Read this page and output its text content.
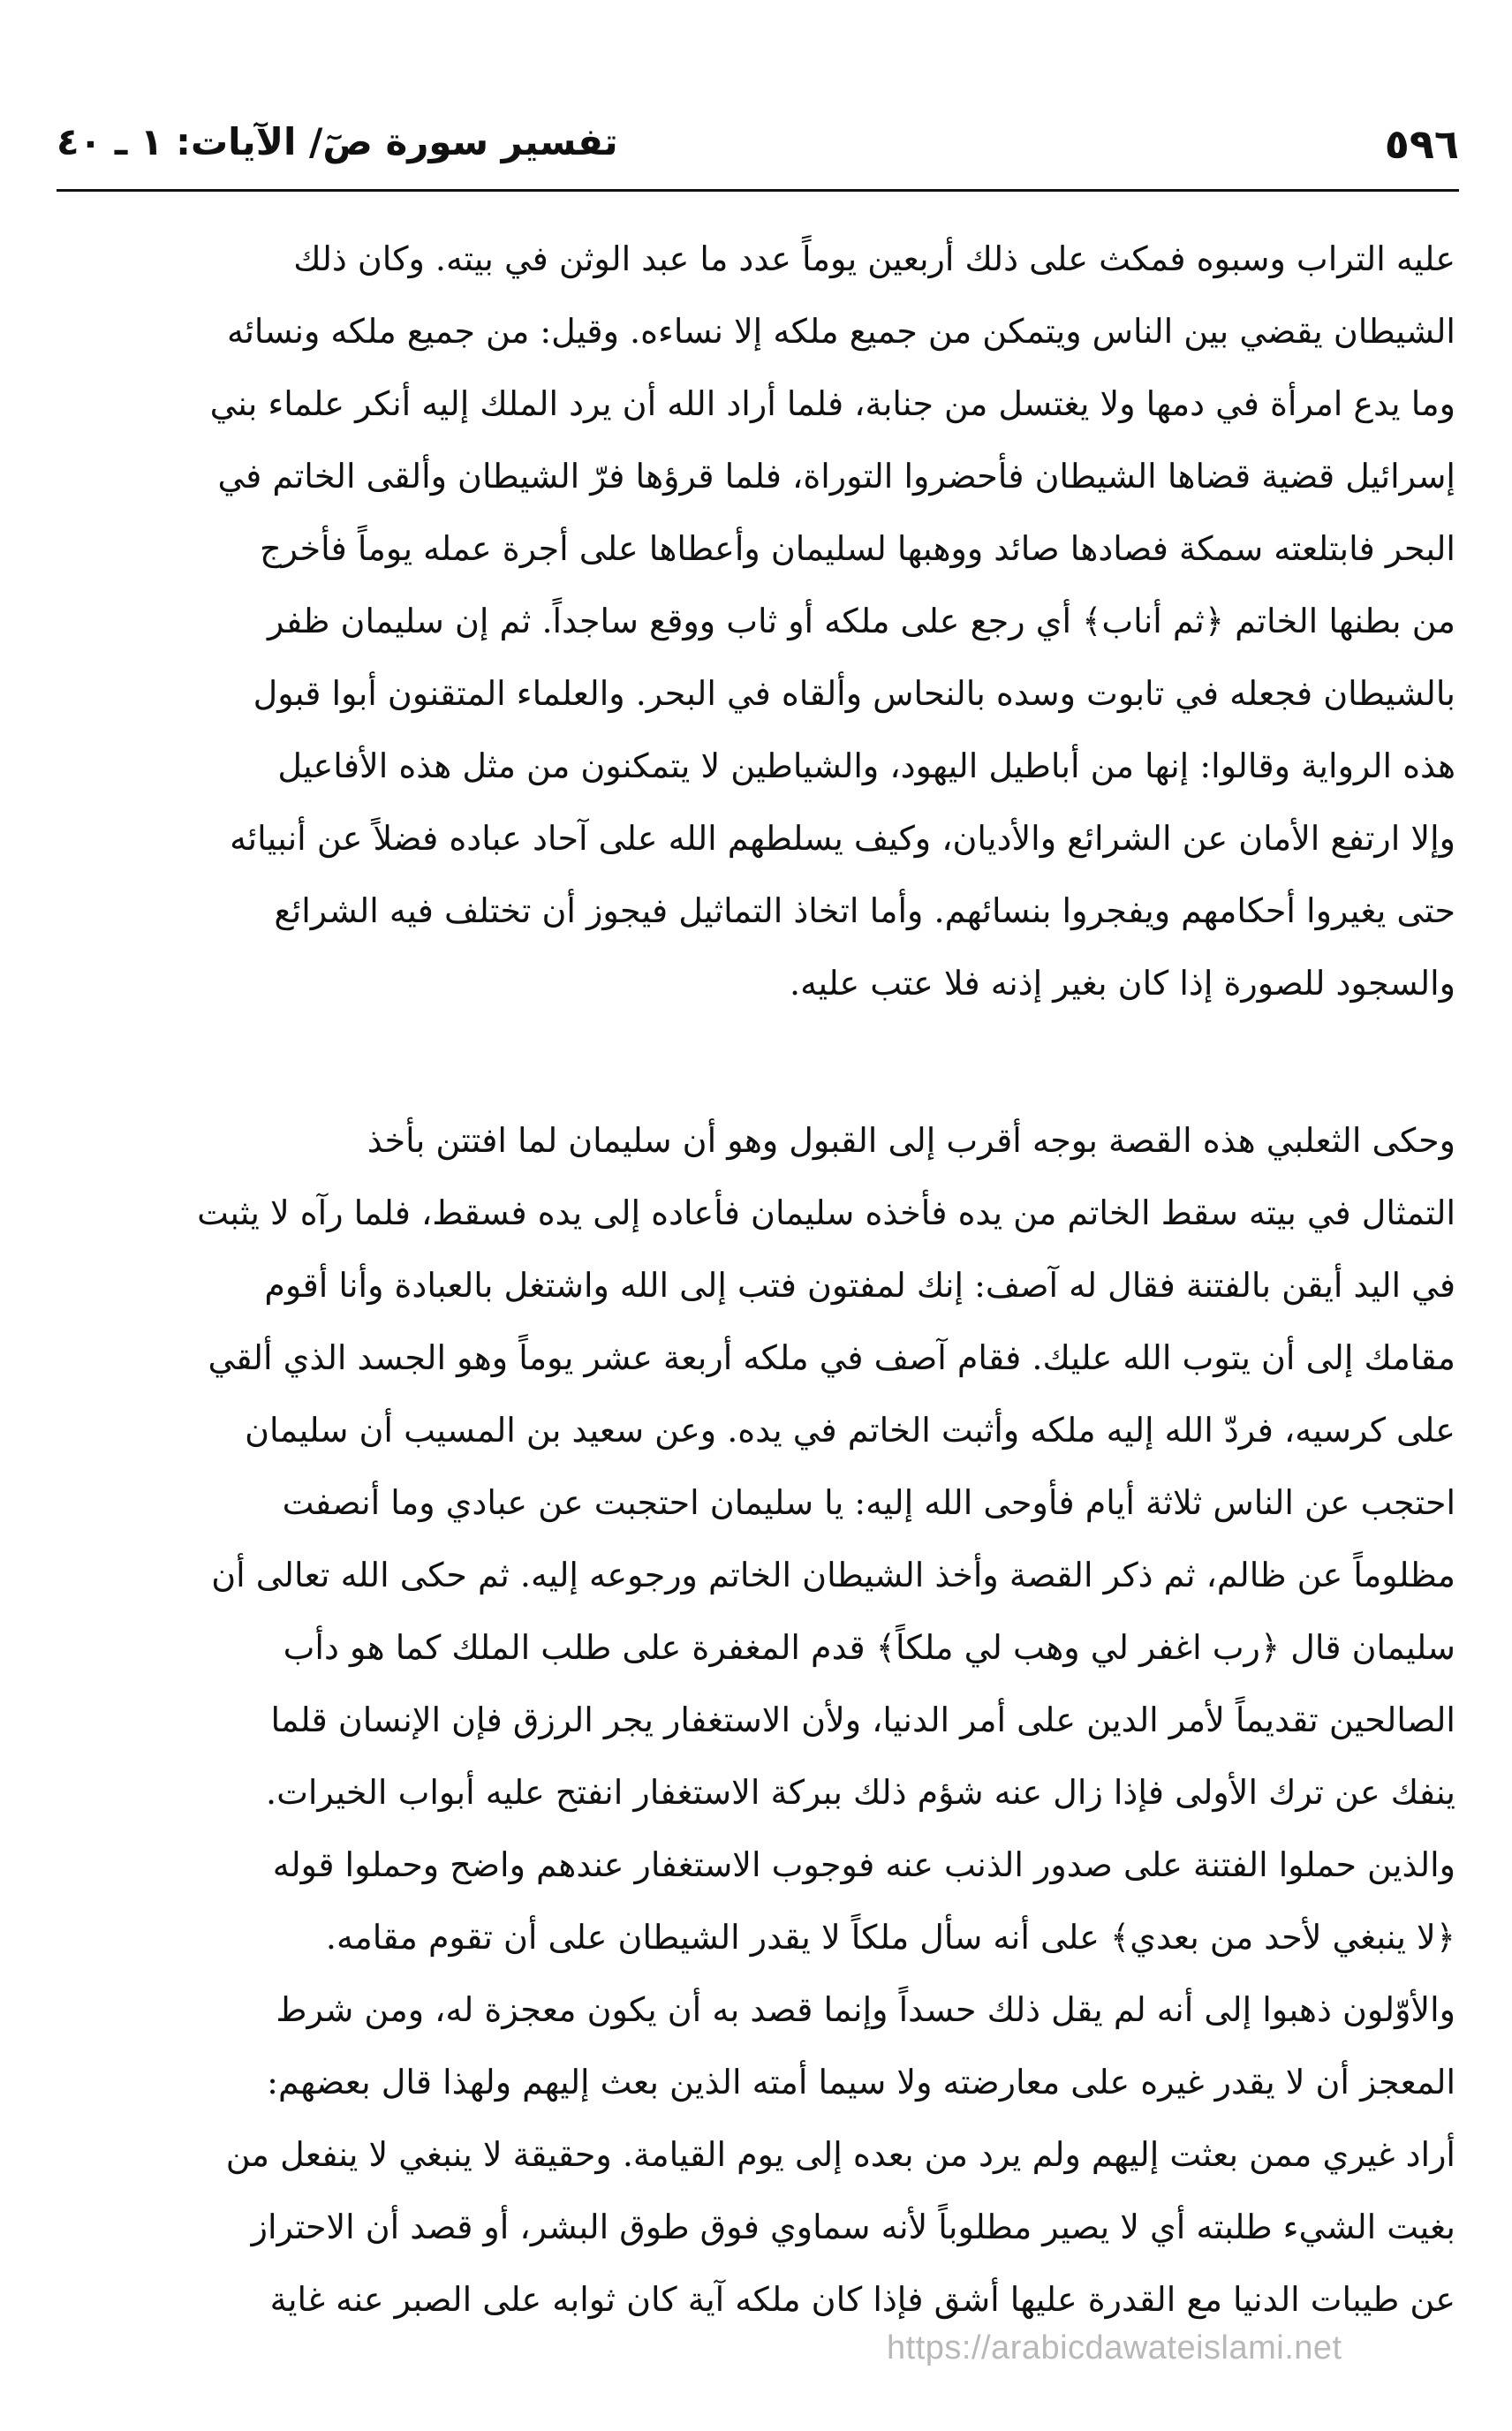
٥٩٦
تفسير سورة صٓ/ الآيات: ١ ـ ٤٠
عليه التراب وسبوه فمكث على ذلك أربعين يوماً عدد ما عبد الوثن في بيته. وكان ذلك
الشيطان يقضي بين الناس ويتمكن من جميع ملكه إلا نساءه. وقيل: من جميع ملكه ونسائه
وما يدع امرأة في دمها ولا يغتسل من جنابة، فلما أراد الله أن يرد الملك إليه أنكر علماء بني
إسرائيل قضية قضاها الشيطان فأحضروا التوراة، فلما قرؤها فرّ الشيطان وألقى الخاتم في
البحر فابتلعته سمكة فصادها صائد ووهبها لسليمان وأعطاها على أجرة عمله يوماً فأخرج
من بطنها الخاتم ﴿ثم أناب﴾ أي رجع على ملكه أو ثاب ووقع ساجداً. ثم إن سليمان ظفر
بالشيطان فجعله في تابوت وسده بالنحاس وألقاه في البحر. والعلماء المتقنون أبوا قبول
هذه الرواية وقالوا: إنها من أباطيل اليهود، والشياطين لا يتمكنون من مثل هذه الأفاعيل
وإلا ارتفع الأمان عن الشرائع والأديان، وكيف يسلطهم الله على آحاد عباده فضلاً عن أنبيائه
حتى يغيروا أحكامهم ويفجروا بنسائهم. وأما اتخاذ التماثيل فيجوز أن تختلف فيه الشرائع
والسجود للصورة إذا كان بغير إذنه فلا عتب عليه.
وحكى الثعلبي هذه القصة بوجه أقرب إلى القبول وهو أن سليمان لما افتتن بأخذ
التمثال في بيته سقط الخاتم من يده فأخذه سليمان فأعاده إلى يده فسقط، فلما رآه لا يثبت
في اليد أيقن بالفتنة فقال له آصف: إنك لمفتون فتب إلى الله واشتغل بالعبادة وأنا أقوم
مقامك إلى أن يتوب الله عليك. فقام آصف في ملكه أربعة عشر يوماً وهو الجسد الذي ألقي
على كرسيه، فردّ الله إليه ملكه وأثبت الخاتم في يده. وعن سعيد بن المسيب أن سليمان
احتجب عن الناس ثلاثة أيام فأوحى الله إليه: يا سليمان احتجبت عن عبادي وما أنصفت
مظلوماً عن ظالم، ثم ذكر القصة وأخذ الشيطان الخاتم ورجوعه إليه. ثم حكى الله تعالى أن
سليمان قال ﴿رب اغفر لي وهب لي ملكاً﴾ قدم المغفرة على طلب الملك كما هو دأب
الصالحين تقديماً لأمر الدين على أمر الدنيا، ولأن الاستغفار يجر الرزق فإن الإنسان قلما
ينفك عن ترك الأولى فإذا زال عنه شؤم ذلك ببركة الاستغفار انفتح عليه أبواب الخيرات.
والذين حملوا الفتنة على صدور الذنب عنه فوجوب الاستغفار عندهم واضح وحملوا قوله
﴿لا ينبغي لأحد من بعدي﴾ على أنه سأل ملكاً لا يقدر الشيطان على أن تقوم مقامه.
والأوّلون ذهبوا إلى أنه لم يقل ذلك حسداً وإنما قصد به أن يكون معجزة له، ومن شرط
المعجز أن لا يقدر غيره على معارضته ولا سيما أمته الذين بعث إليهم ولهذا قال بعضهم:
أراد غيري ممن بعثت إليهم ولم يرد من بعده إلى يوم القيامة. وحقيقة لا ينبغي لا ينفعل من
بغيت الشيء طلبته أي لا يصير مطلوباً لأنه سماوي فوق طوق البشر، أو قصد أن الاحتراز
عن طيبات الدنيا مع القدرة عليها أشق فإذا كان ملكه آية كان ثوابه على الصبر عنه غاية
https://arabicdawateislami.net
